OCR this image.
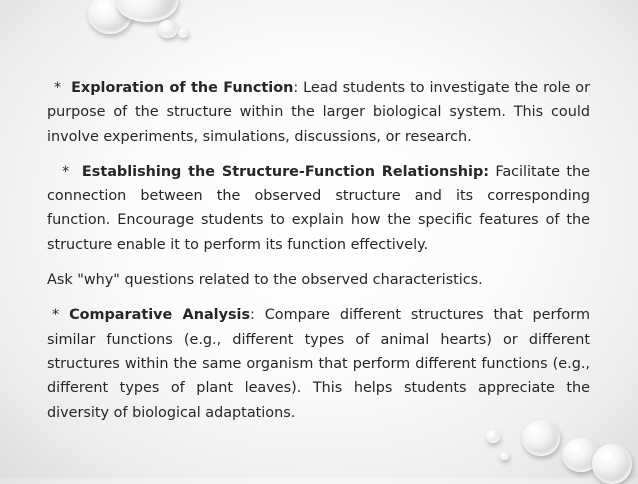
* Exploration of the Function: Lead students to investigate the role or purpose of the structure within the larger biological system. This could involve experiments, simulations, discussions, or research.

* Establishing the Structure-Function Relationship: Facilitate the connection between the observed structure and its corresponding function. Encourage students to explain how the specific features of the structure enable it to perform its function effectively.

Ask "why" questions related to the observed characteristics.

* Comparative Analysis: Compare different structures that perform similar functions (e.g., different types of animal hearts) or different structures within the same organism that perform different functions (e.g., different types of plant leaves). This helps students appreciate the diversity of biological adaptations.
